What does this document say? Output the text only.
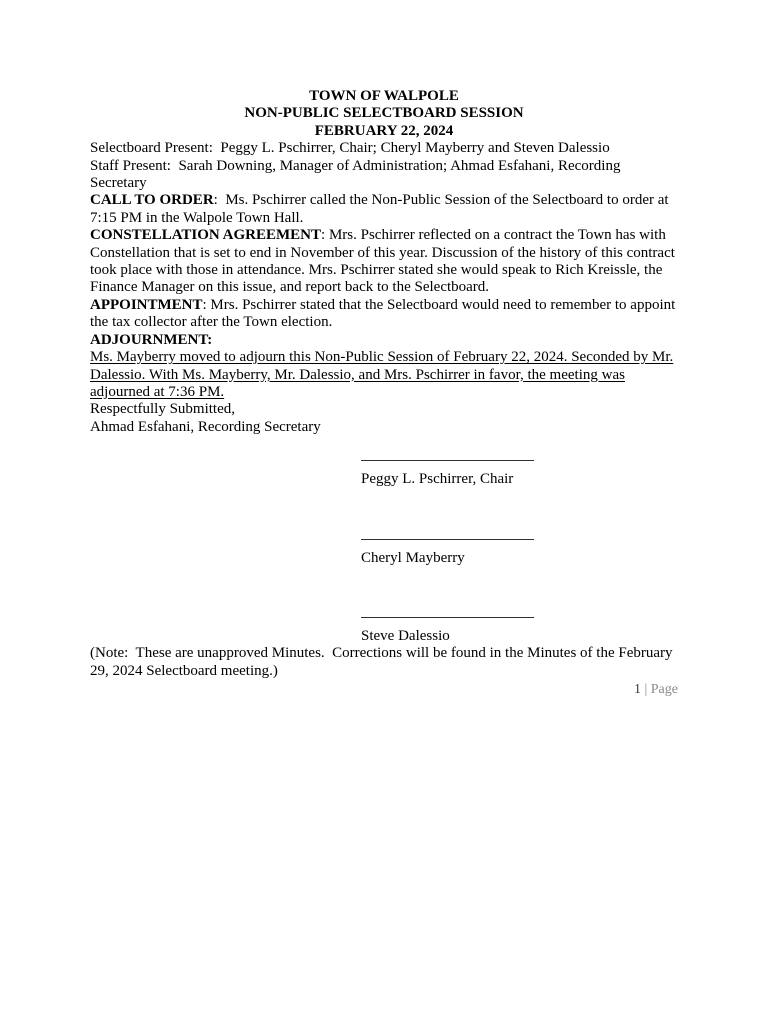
TOWN OF WALPOLE
NON-PUBLIC SELECTBOARD SESSION
FEBRUARY 22, 2024

Selectboard Present:  Peggy L. Pschirrer, Chair; Cheryl Mayberry and Steven Dalessio

Staff Present:  Sarah Downing, Manager of Administration; Ahmad Esfahani, Recording Secretary

CALL TO ORDER:  Ms. Pschirrer called the Non-Public Session of the Selectboard to order at 7:15 PM in the Walpole Town Hall.

CONSTELLATION AGREEMENT: Mrs. Pschirrer reflected on a contract the Town has with Constellation that is set to end in November of this year. Discussion of the history of this contract took place with those in attendance. Mrs. Pschirrer stated she would speak to Rich Kreissle, the Finance Manager on this issue, and report back to the Selectboard.

APPOINTMENT: Mrs. Pschirrer stated that the Selectboard would need to remember to appoint the tax collector after the Town election.

ADJOURNMENT:

Ms. Mayberry moved to adjourn this Non-Public Session of February 22, 2024. Seconded by Mr. Dalessio. With Ms. Mayberry, Mr. Dalessio, and Mrs. Pschirrer in favor, the meeting was adjourned at 7:36 PM.

Respectfully Submitted,

Ahmad Esfahani, Recording Secretary

Peggy L. Pschirrer, Chair

Cheryl Mayberry

Steve Dalessio

(Note:  These are unapproved Minutes.  Corrections will be found in the Minutes of the February 29, 2024 Selectboard meeting.)

1 | Page
